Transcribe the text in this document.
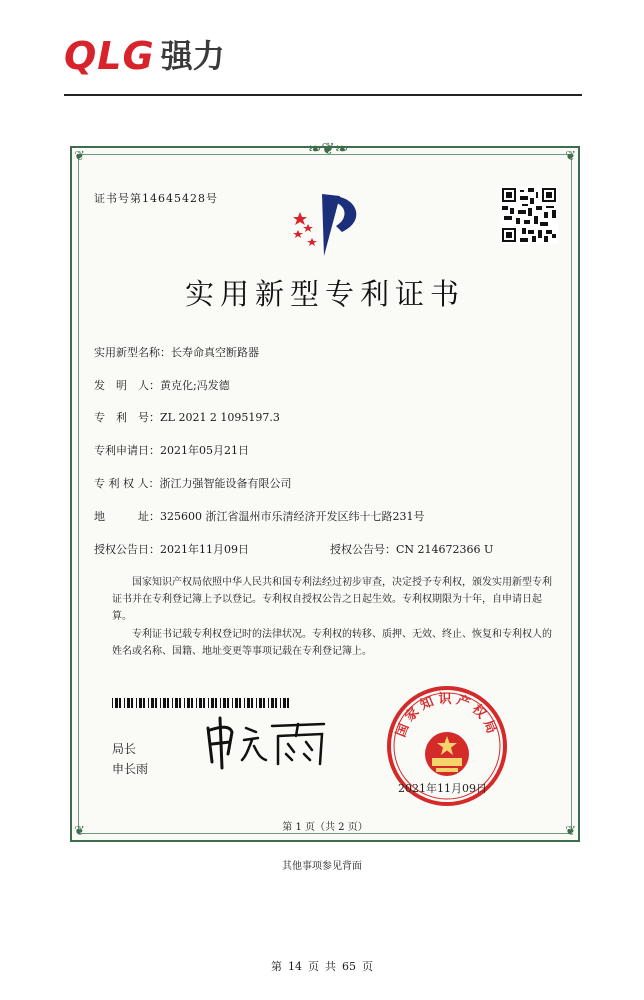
QLG 强力
❦	❦
❦	❦
❧❦❧
证书号第14645428号
实用新型专利证书
实用新型名称：长寿命真空断路器
发　明　人：黄克化;冯发德
专　利　号：ZL 2021 2 1095197.3
专利申请日：2021年05月21日
专 利 权 人：浙江力强智能设备有限公司
地　　　址：325600 浙江省温州市乐清经济开发区纬十七路231号
授权公告日：2021年11月09日	授权公告号：CN 214672366 U
国家知识产权局依照中华人民共和国专利法经过初步审查，决定授予专利权，颁发实用新型专利证书并在专利登记簿上予以登记。专利权自授权公告之日起生效。专利权期限为十年，自申请日起算。
专利证书记载专利权登记时的法律状况。专利权的转移、质押、无效、终止、恢复和专利权人的姓名或名称、国籍、地址变更等事项记载在专利登记簿上。
局长
申长雨
国家知识产权局
2021年11月09日
第 1 页（共 2 页）
其他事项参见背面
第 14 页 共 65 页
